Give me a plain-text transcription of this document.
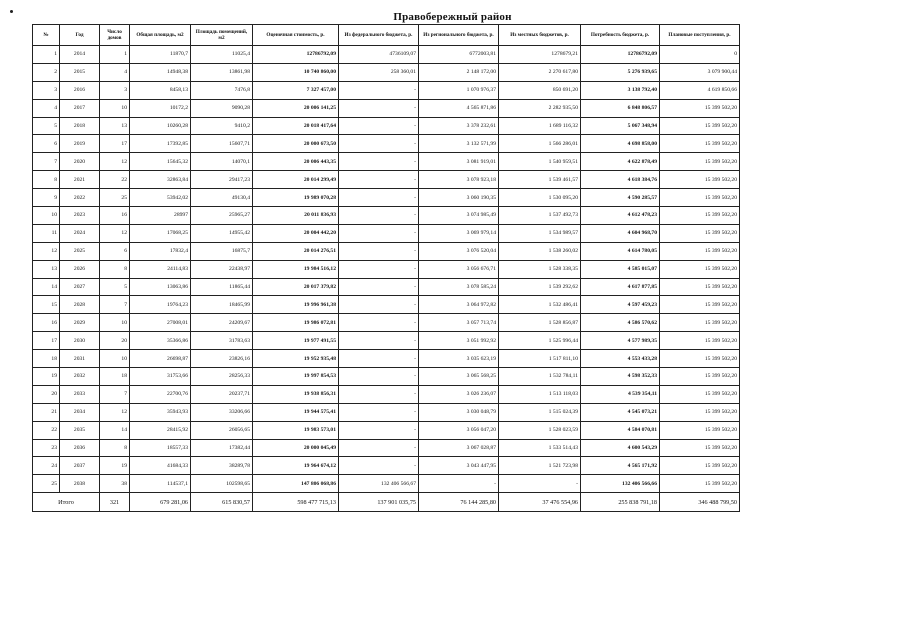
Правобережный район
№	Год	Число домов	Общая площадь, м2	Площадь помещений, м2	Оценочная стоимость, р.	Из федерального бюджета, р.	Из регионального бюджета, р.	Из местных бюджетов, р.	Потребность бюджета, р.	Плановые поступления, р.
1	2014	1	11870,7	11025,4	12786792,09	4736109,07	6772003,81	1278679,21	12786792,09	0
2	2015	4	14948,38	13861,98	10 740 860,00	258 360,01	2 148 172,00	2 270 617,80	5 276 939,65	3 079 900,44
3	2016	3	8458,13	7476,8	7 327 457,00	-	1 070 976,37	850 691,20	3 138 792,40	4 619 850,66
4	2017	10	10172,2	9090,28	20 006 141,25	-	4 565 871,86	2 282 935,50	6 848 806,57	15 399 502,20
5	2018	13	10260,28	9410,2	20 018 417,64	-	3 378 232,61	1 689 116,32	5 067 348,94	15 399 502,20
6	2019	17	17392,85	15607,71	20 000 673,50	-	3 132 571,99	1 566 286,01	4 698 858,00	15 399 502,20
7	2020	12	15645,32	14070,1	20 006 443,35	-	3 081 919,01	1 540 959,51	4 622 878,49	15 399 502,20
8	2021	22	32863,84	29417,23	20 014 299,49	-	3 078 923,18	1 539 461,57	4 618 384,76	15 399 502,20
9	2022	25	53942,02	49130,4	19 989 070,28	-	3 060 190,35	1 530 095,20	4 590 285,57	15 399 502,20
10	2023	16	28997	25965,27	20 011 836,93	-	3 074 985,49	1 537 492,73	4 612 478,23	15 399 502,20
11	2024	12	17068,25	14955,42	20 004 442,20	-	3 069 979,14	1 534 989,57	4 604 968,70	15 399 502,20
12	2025	6	17832,4	16875,7	20 014 276,51	-	3 076 520,04	1 538 260,02	4 614 780,05	15 399 502,20
13	2026	8	24114,83	22438,97	19 984 516,12	-	3 056 676,71	1 528 338,35	4 585 015,07	15 399 502,20
14	2027	5	13063,86	11865,44	20 017 379,82	-	3 078 585,24	1 539 292,62	4 617 877,85	15 399 502,20
15	2028	7	19764,23	18465,99	19 996 961,38	-	3 064 972,82	1 532 486,41	4 597 459,23	15 399 502,20
16	2029	10	27008,01	24209,67	19 986 072,81	-	3 057 713,74	1 528 856,87	4 586 570,62	15 399 502,20
17	2030	20	35366,86	31783,63	19 977 491,55	-	3 051 992,92	1 525 996,44	4 577 989,35	15 399 502,20
18	2031	10	26698,87	23826,16	19 952 935,48	-	3 035 623,19	1 517 811,10	4 553 433,28	15 399 502,20
19	2032	18	31753,66	28256,33	19 997 854,53	-	3 065 568,25	1 532 784,11	4 598 352,33	15 399 502,20
20	2033	7	22700,76	20237,71	19 938 856,31	-	3 026 236,07	1 513 118,03	4 539 354,11	15 399 502,20
21	2034	12	35943,93	33206,66	19 944 575,41	-	3 030 048,79	1 515 024,39	4 545 073,21	15 399 502,20
22	2035	14	28415,92	26056,65	19 983 573,01	-	3 056 047,20	1 528 023,59	4 584 070,81	15 399 502,20
23	2036	8	18557,33	17382,44	20 000 045,49	-	3 067 028,87	1 533 514,43	4 600 543,29	15 399 502,20
24	2037	19	41684,33	38289,78	19 964 674,12	-	3 043 447,95	1 521 723,98	4 565 171,92	15 399 502,20
25	2038	38	114537,1	102598,65	147 806 068,86	132 406 566,67	-	-	132 406 566,66	15 399 502,20
Итого		321	679 281,06	615 830,57	598 477 715,13	137 901 035,75	76 144 285,80	37 476 554,96	255 838 791,18	346 488 799,50
